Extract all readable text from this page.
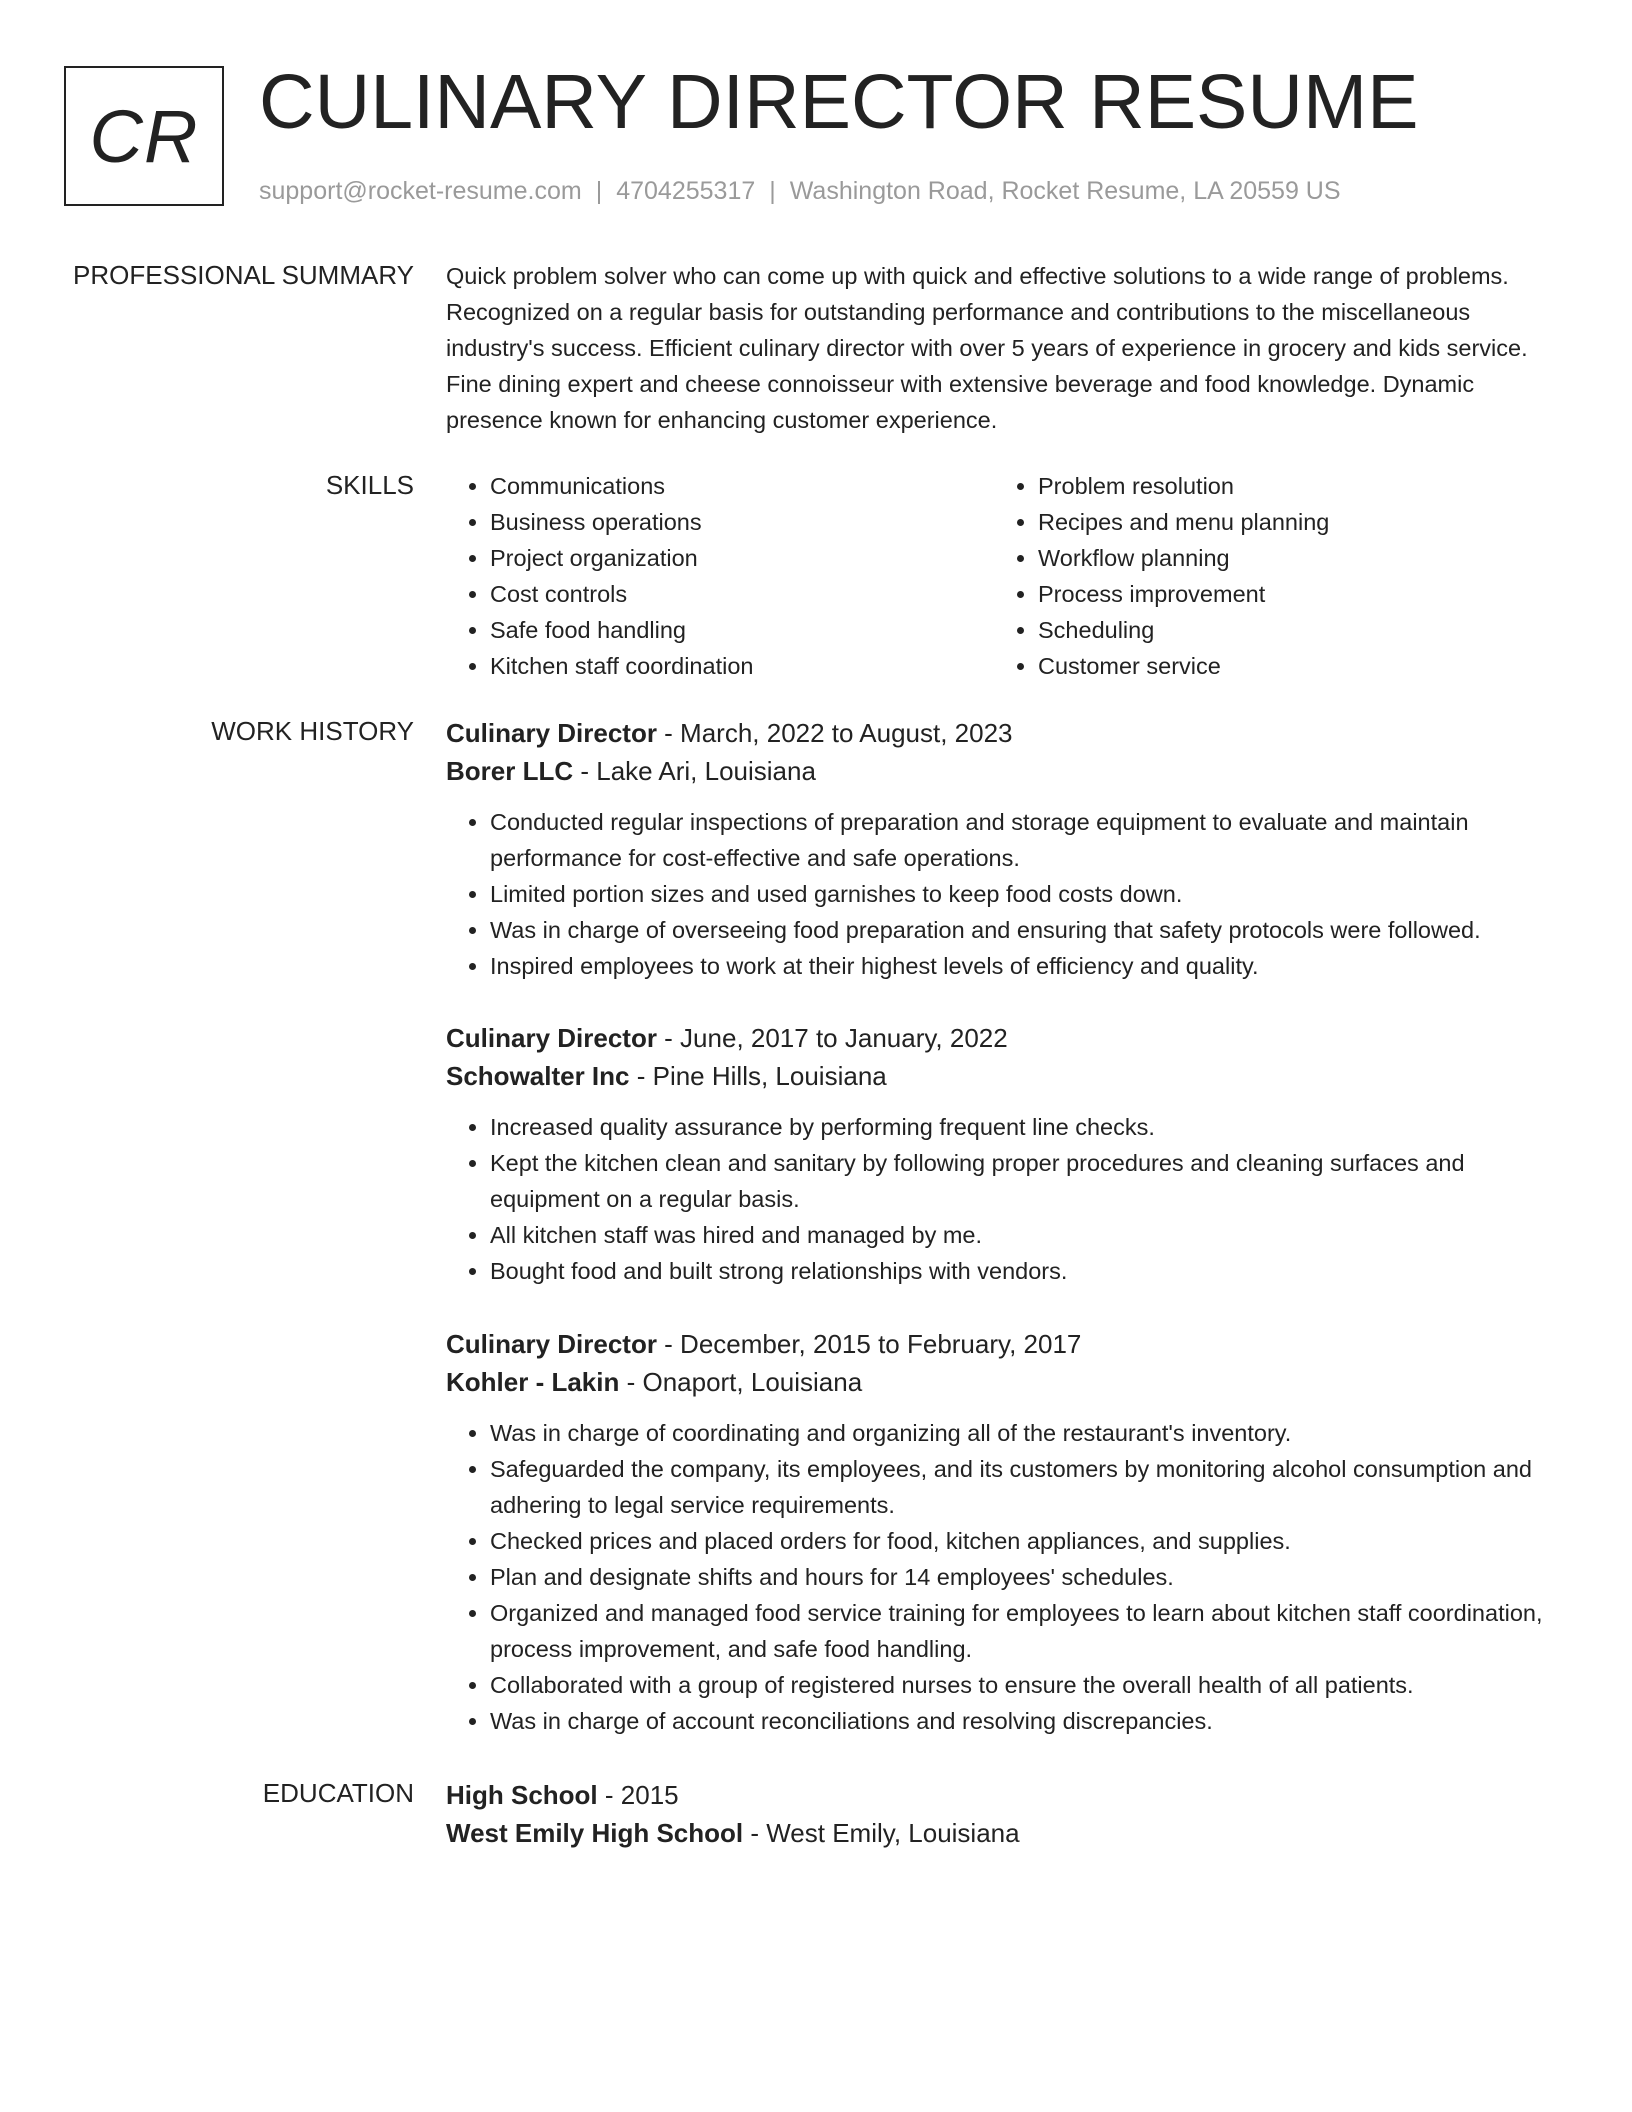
CR CULINARY DIRECTOR RESUME
support@rocket-resume.com | 4704255317 | Washington Road, Rocket Resume, LA 20559 US
PROFESSIONAL SUMMARY Quick problem solver who can come up with quick and effective solutions to a wide range of problems. Recognized on a regular basis for outstanding performance and contributions to the miscellaneous industry's success. Efficient culinary director with over 5 years of experience in grocery and kids service. Fine dining expert and cheese connoisseur with extensive beverage and food knowledge. Dynamic presence known for enhancing customer experience.

SKILLS
•	Communications
• Business operations
• Project organization
• Cost controls
• Safe food handling
• Kitchen staff coordination
• Problem resolution
• Recipes and menu planning
• Workflow planning
• Process improvement
• Scheduling
• Customer service
WORK HISTORY Culinary Director - March, 2022 to August, 2023
Borer LLC - Lake Ari, Louisiana
• Conducted regular inspections of preparation and storage equipment to evaluate and maintain performance for cost-effective and safe operations.
• Limited portion sizes and used garnishes to keep food costs down.
• Was in charge of overseeing food preparation and ensuring that safety protocols were followed.
• Inspired employees to work at their highest levels of efficiency and quality.
Culinary Director - June, 2017 to January, 2022
Schowalter Inc - Pine Hills, Louisiana
• Increased quality assurance by performing frequent line checks.
• Kept the kitchen clean and sanitary by following proper procedures and cleaning surfaces and equipment on a regular basis.
• All kitchen staff was hired and managed by me.
• Bought food and built strong relationships with vendors.
Culinary Director - December, 2015 to February, 2017
Kohler - Lakin - Onaport, Louisiana
• Was in charge of coordinating and organizing all of the restaurant's inventory.
• Safeguarded the company, its employees, and its customers by monitoring alcohol consumption and adhering to legal service requirements.
• Checked prices and placed orders for food, kitchen appliances, and supplies.
• Plan and designate shifts and hours for 14 employees' schedules.
• Organized and managed food service training for employees to learn about kitchen staff coordination, process improvement, and safe food handling.
• Collaborated with a group of registered nurses to ensure the overall health of all patients.
• Was in charge of account reconciliations and resolving discrepancies.
EDUCATION High School - 2015
West Emily High School - West Emily, Louisiana
